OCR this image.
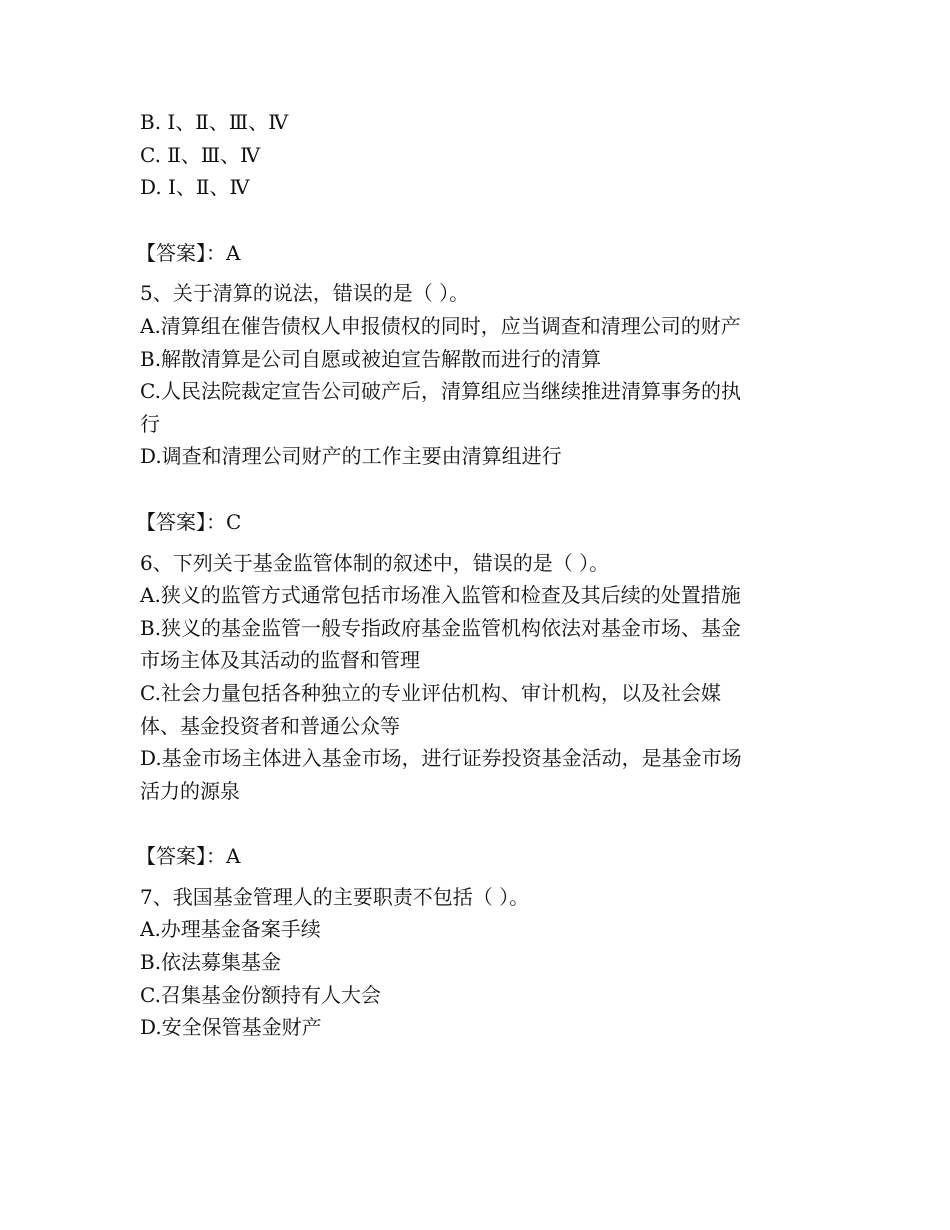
B. Ⅰ、Ⅱ、Ⅲ、Ⅳ
C. Ⅱ、Ⅲ、Ⅳ
D. Ⅰ、Ⅱ、Ⅳ
【答案】：A
5、关于清算的说法，错误的是（ ）。
A.清算组在催告债权人申报债权的同时，应当调查和清理公司的财产
B.解散清算是公司自愿或被迫宣告解散而进行的清算
C.人民法院裁定宣告公司破产后，清算组应当继续推进清算事务的执
行
D.调查和清理公司财产的工作主要由清算组进行
【答案】：C
6、下列关于基金监管体制的叙述中，错误的是（ ）。
A.狭义的监管方式通常包括市场准入监管和检查及其后续的处置措施
B.狭义的基金监管一般专指政府基金监管机构依法对基金市场、基金
市场主体及其活动的监督和管理
C.社会力量包括各种独立的专业评估机构、审计机构，以及社会媒
体、基金投资者和普通公众等
D.基金市场主体进入基金市场，进行证券投资基金活动，是基金市场
活力的源泉
【答案】：A
7、我国基金管理人的主要职责不包括（ ）。
A.办理基金备案手续
B.依法募集基金
C.召集基金份额持有人大会
D.安全保管基金财产
